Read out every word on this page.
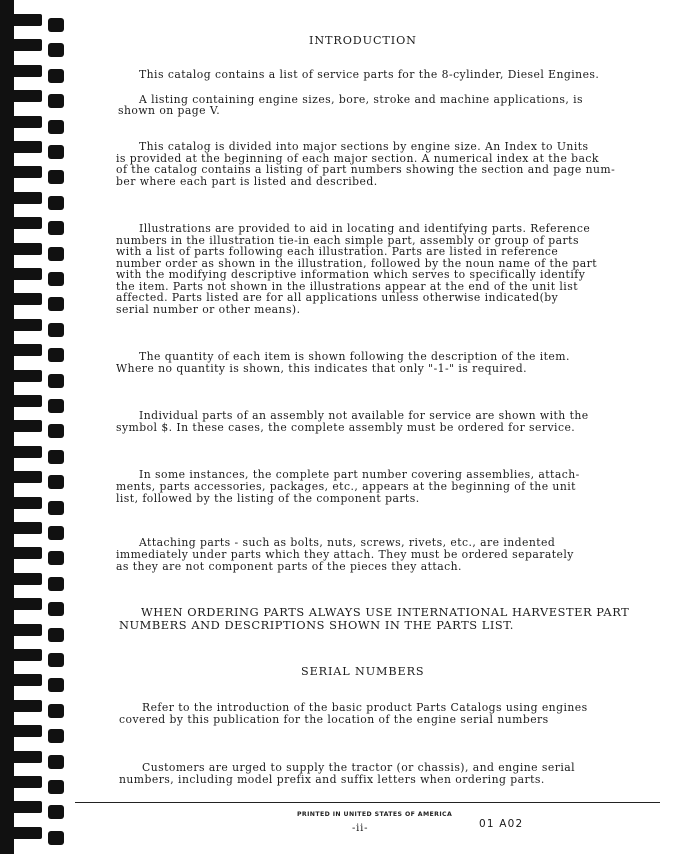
INTRODUCTION
This catalog contains a list of service parts for the 8-cylinder, Diesel Engines.
A listing containing engine sizes, bore, stroke and machine applications, is
shown on page V.
This catalog is divided into major sections by engine size. An Index to Units
is provided at the beginning of each major section. A numerical index at the back
of the catalog contains a listing of part numbers showing the section and page num-
ber where each part is listed and described.
Illustrations are provided to aid in locating and identifying parts. Reference
numbers in the illustration tie-in each simple part, assembly or group of parts
with a list of parts following each illustration. Parts are listed in reference
number order as shown in the illustration, followed by the noun name of the part
with the modifying descriptive information which serves to specifically identify
the item. Parts not shown in the illustrations appear at the end of the unit list
affected. Parts listed are for all applications unless otherwise indicated(by
serial number or other means).
The quantity of each item is shown following the description of the item.
Where no quantity is shown, this indicates that only "-1-" is required.
Individual parts of an assembly not available for service are shown with the
symbol $. In these cases, the complete assembly must be ordered for service.
In some instances, the complete part number covering assemblies, attach-
ments, parts accessories, packages, etc., appears at the beginning of the unit
list, followed by the listing of the component parts.
Attaching parts - such as bolts, nuts, screws, rivets, etc., are indented
immediately under parts which they attach. They must be ordered separately
as they are not component parts of the pieces they attach.
WHEN ORDERING PARTS ALWAYS USE INTERNATIONAL HARVESTER PART
NUMBERS AND DESCRIPTIONS SHOWN IN THE PARTS LIST.
SERIAL NUMBERS
Refer to the introduction of the basic product Parts Catalogs using engines
covered by this publication for the location of the engine serial numbers
Customers are urged to supply the tractor (or chassis), and engine serial
numbers, including model prefix and suffix letters when ordering parts.
PRINTED IN UNITED STATES OF AMERICA
-ii-	01 A02
